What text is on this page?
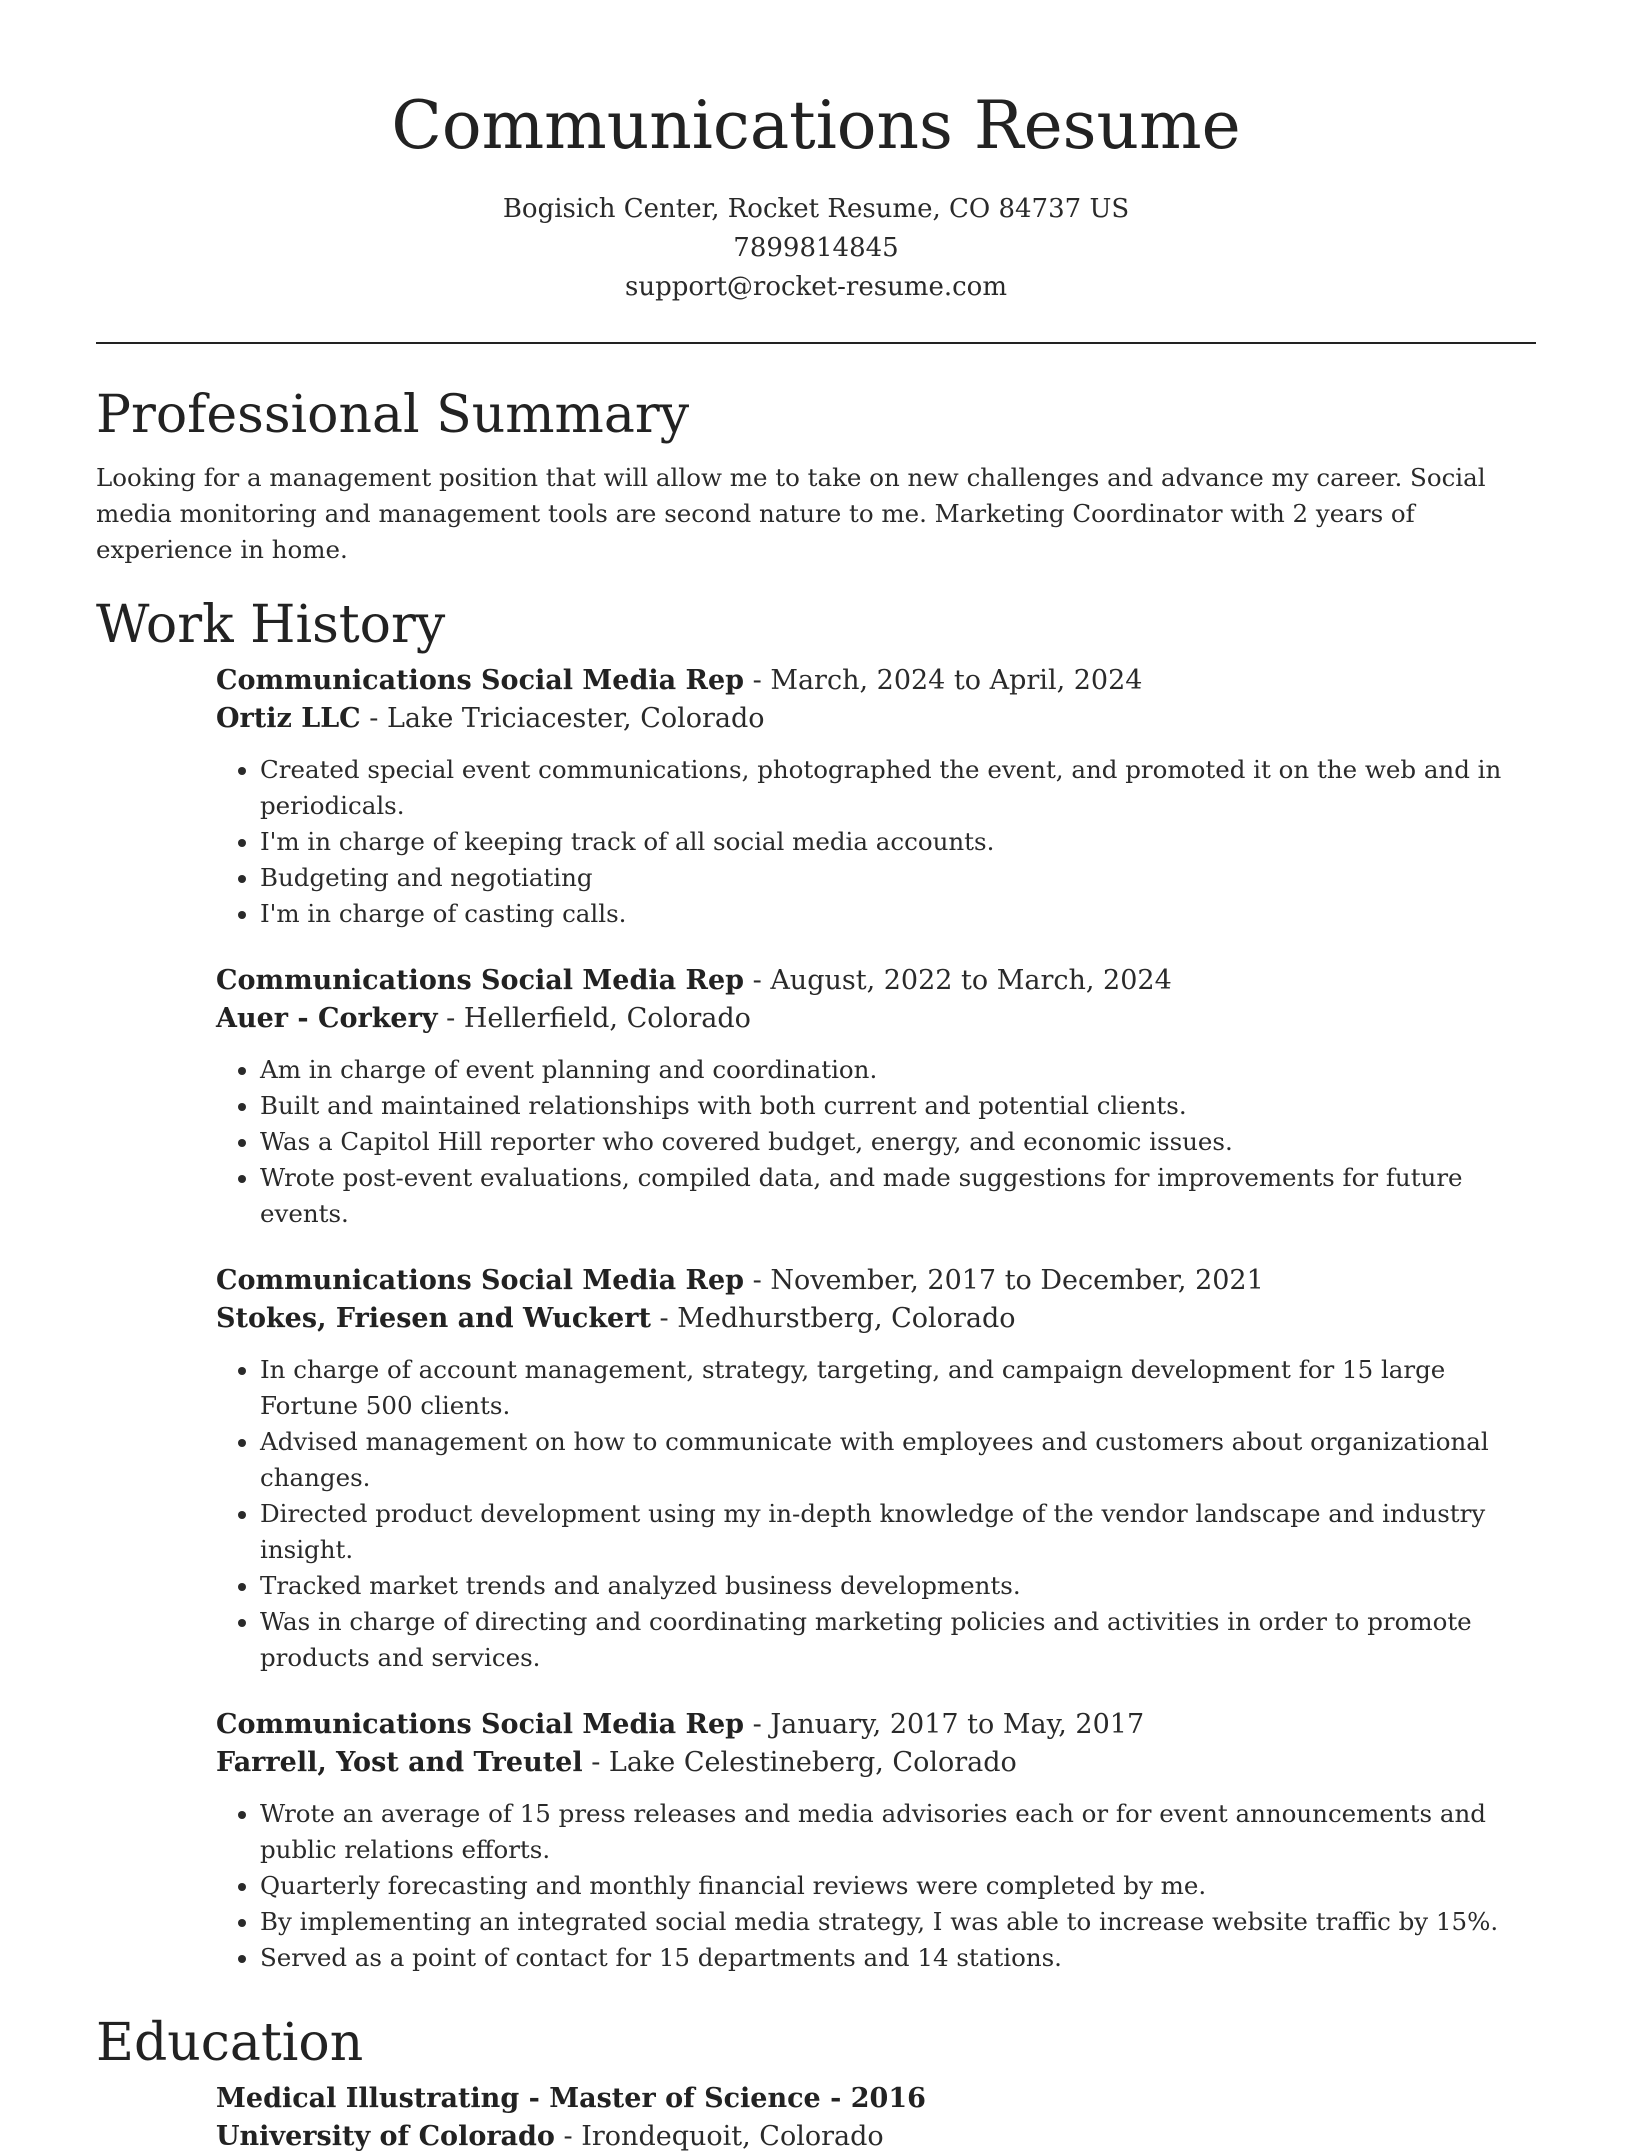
Communications Resume
Bogisich Center, Rocket Resume, CO 84737 US
7899814845
support@rocket-resume.com
Professional Summary

Looking for a management position that will allow me to take on new challenges and advance my career. Social media monitoring and management tools are second nature to me. Marketing Coordinator with 2 years of experience in home.

Work History
Communications Social Media Rep - March, 2024 to April, 2024
Ortiz LLC - Lake Triciacester, Colorado
• Created special event communications, photographed the event, and promoted it on the web and in periodicals.
• I'm in charge of keeping track of all social media accounts.
• Budgeting and negotiating
• I'm in charge of casting calls.
Communications Social Media Rep - August, 2022 to March, 2024
Auer - Corkery - Hellerfield, Colorado
• Am in charge of event planning and coordination.
• Built and maintained relationships with both current and potential clients.
• Was a Capitol Hill reporter who covered budget, energy, and economic issues.
• Wrote post-event evaluations, compiled data, and made suggestions for improvements for future events.
Communications Social Media Rep - November, 2017 to December, 2021
Stokes, Friesen and Wuckert - Medhurstberg, Colorado
• In charge of account management, strategy, targeting, and campaign development for 15 large Fortune 500 clients.
• Advised management on how to communicate with employees and customers about organizational changes.
• Directed product development using my in-depth knowledge of the vendor landscape and industry insight.
• Tracked market trends and analyzed business developments.
• Was in charge of directing and coordinating marketing policies and activities in order to promote products and services.
Communications Social Media Rep - January, 2017 to May, 2017
Farrell, Yost and Treutel - Lake Celestineberg, Colorado
• Wrote an average of 15 press releases and media advisories each or for event announcements and public relations efforts.
• Quarterly forecasting and monthly financial reviews were completed by me.
• By implementing an integrated social media strategy, I was able to increase website traffic by 15%.
• Served as a point of contact for 15 departments and 14 stations.
Education
Medical Illustrating - Master of Science - 2016
University of Colorado - Irondequoit, Colorado
